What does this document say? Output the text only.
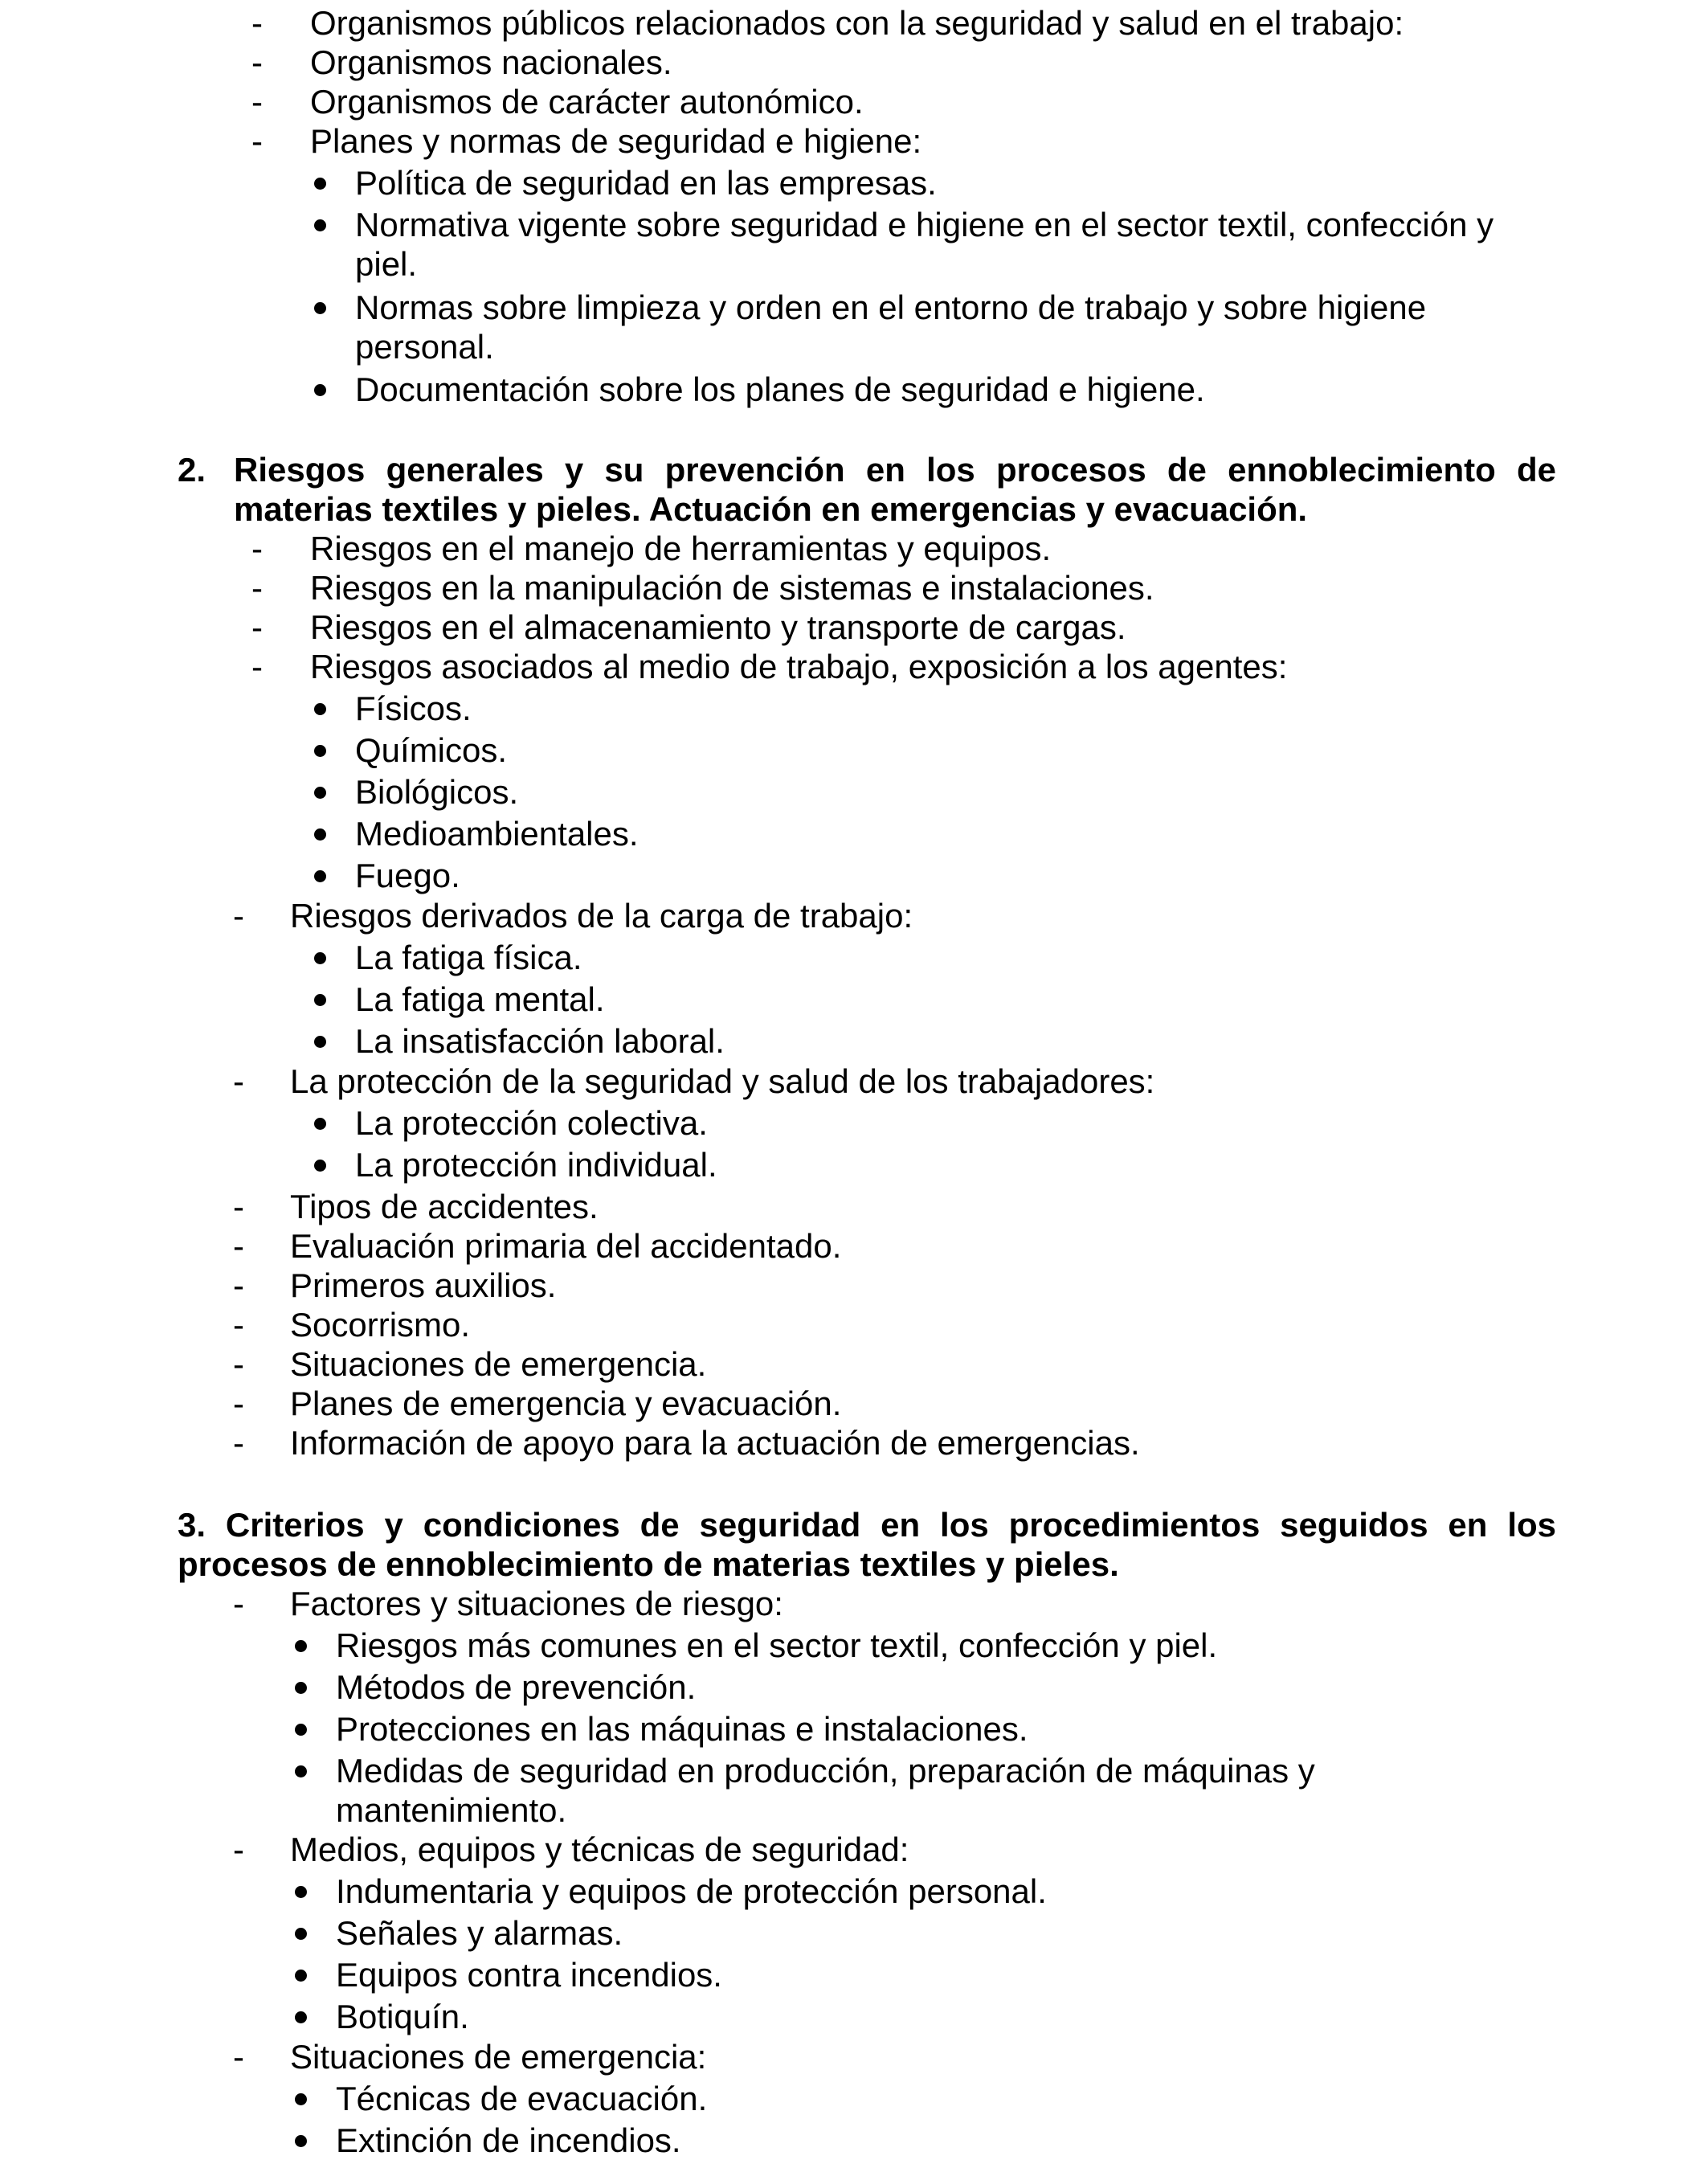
- Organismos públicos relacionados con la seguridad y salud en el trabajo:
- Organismos nacionales.
- Organismos de carácter autonómico.
- Planes y normas de seguridad e higiene:
Política de seguridad en las empresas.
Normativa vigente sobre seguridad e higiene en el sector textil, confección y
piel.
Normas sobre limpieza y orden en el entorno de trabajo y sobre higiene
personal.
Documentación sobre los planes de seguridad e higiene.
2. Riesgos generales y su prevención en los procesos de ennoblecimiento de
materias textiles y pieles. Actuación en emergencias y evacuación.
- Riesgos en el manejo de herramientas y equipos.
- Riesgos en la manipulación de sistemas e instalaciones.
- Riesgos en el almacenamiento y transporte de cargas.
- Riesgos asociados al medio de trabajo, exposición a los agentes:
Físicos.
Químicos.
Biológicos.
Medioambientales.
Fuego.
- Riesgos derivados de la carga de trabajo:
La fatiga física.
La fatiga mental.
La insatisfacción laboral.
- La protección de la seguridad y salud de los trabajadores:
La protección colectiva.
La protección individual.
- Tipos de accidentes.
- Evaluación primaria del accidentado.
- Primeros auxilios.
- Socorrismo.
- Situaciones de emergencia.
- Planes de emergencia y evacuación.
- Información de apoyo para la actuación de emergencias.
3. Criterios y condiciones de seguridad en los procedimientos seguidos en los
procesos de ennoblecimiento de materias textiles y pieles.
- Factores y situaciones de riesgo:
Riesgos más comunes en el sector textil, confección y piel.
Métodos de prevención.
Protecciones en las máquinas e instalaciones.
Medidas de seguridad en producción, preparación de máquinas y
mantenimiento.
- Medios, equipos y técnicas de seguridad:
Indumentaria y equipos de protección personal.
Señales y alarmas.
Equipos contra incendios.
Botiquín.
- Situaciones de emergencia:
Técnicas de evacuación.
Extinción de incendios.
